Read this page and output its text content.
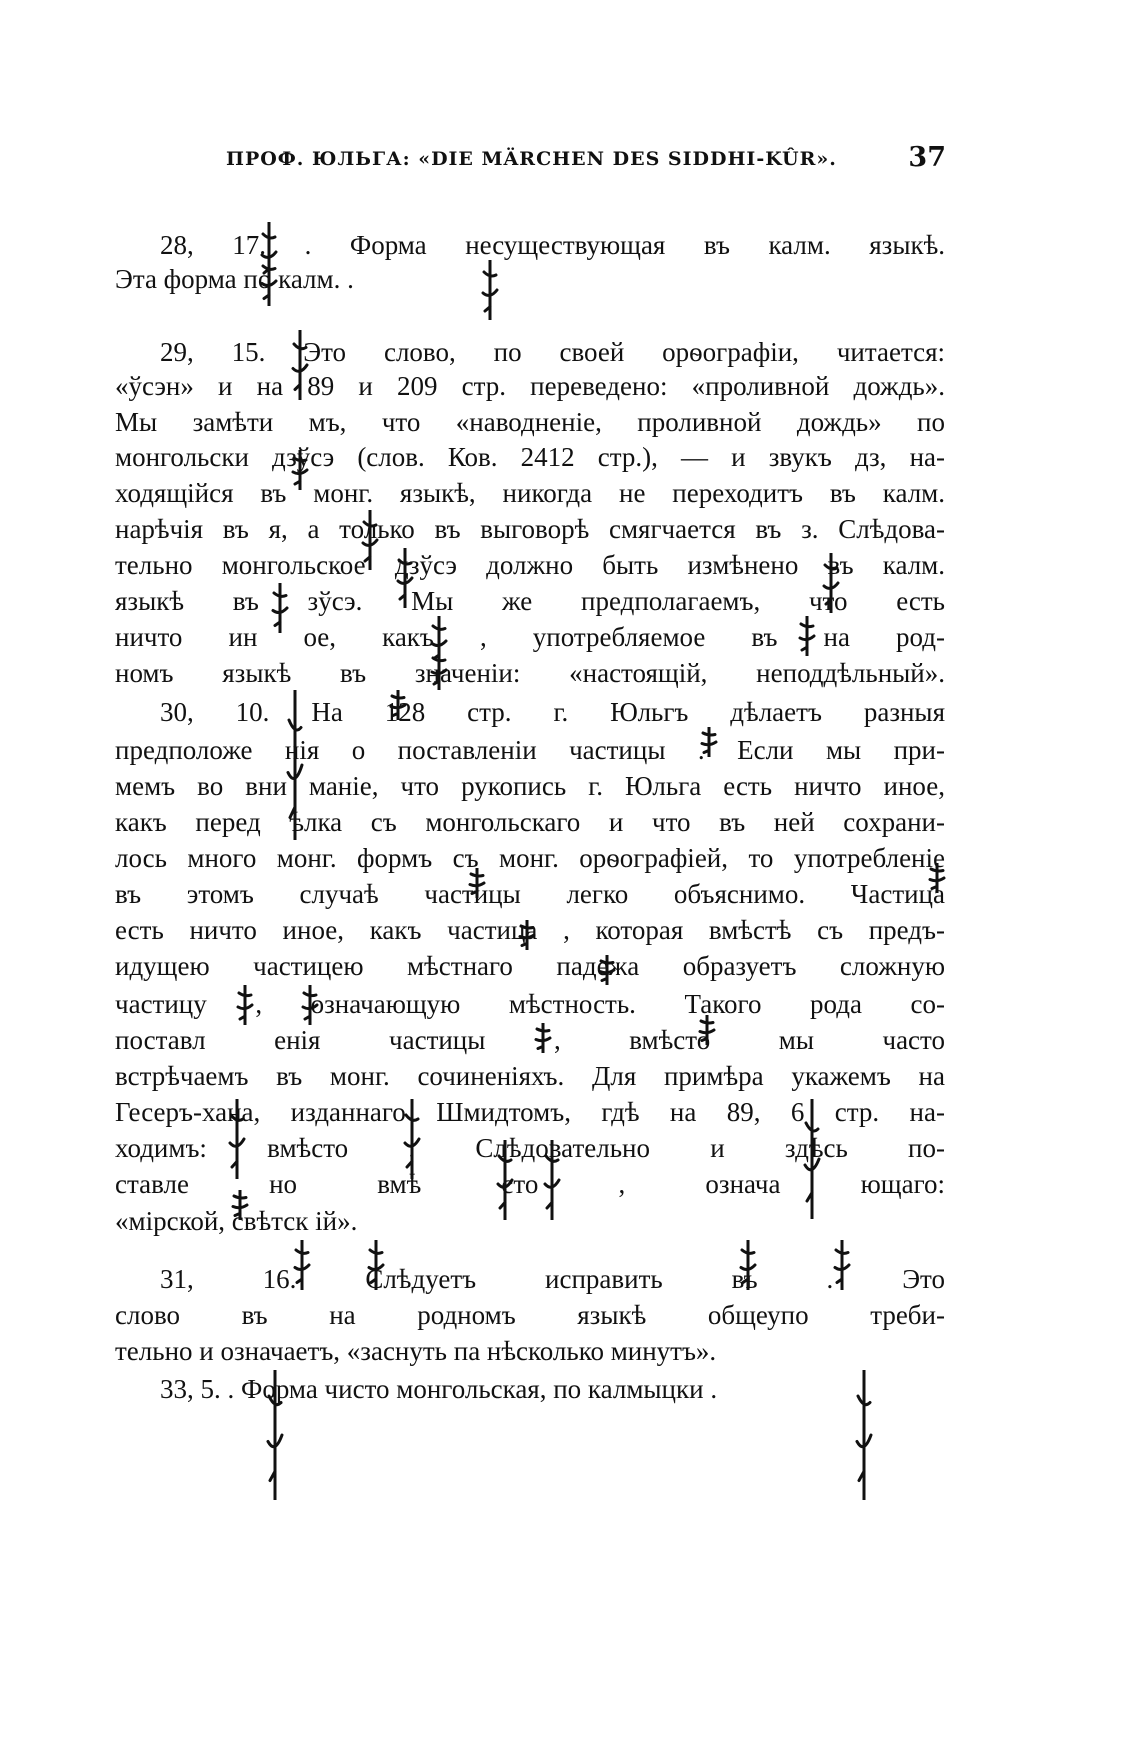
ПРОФ. ЮЛЬГА: «DIE MÄRCHEN DES SIDDHI-KÛR».	37
28, 17. . Форма несуществующая въ калм. языкѣ.
Эта форма по калм. .
29, 15. Это слово, по своей орѳографіи, читается:
«ўсэн» и на 89 и 209 стр. переведено: «проливной дождь».
Мы замѣти мъ, что «наводненіе, проливной дождь» по
монгольски дзўсэ (слов. Ков. 2412 стр.), — и звукъ дз, на-
ходящійся въ монг. языкѣ, никогда не переходитъ въ калм.
нарѣчія въ я, а только въ выговорѣ смягчается въ з. Слѣдова-
тельно монгольское дзўсэ должно быть измѣнено въ калм.
языкѣ въ зўсэ. Мы же предполагаемъ, что есть
ничто ин ое, какъ , употребляемое въ на род-
номъ языкѣ въ значеніи: «настоящій, неподдѣльный».
30, 10. На 128 стр. г. Юльгъ дѣлаетъ разныя
предположе нія о поставленіи частицы . Если мы при-
мемъ во вни маніе, что рукопись г. Юльга есть ничто иное,
какъ перед ѣлка съ монгольскаго и что въ ней сохрани-
лось много монг. формъ съ монг. орѳографіей, то употребленіе
въ этомъ случаѣ частицы легко объяснимо. Частица
есть ничто иное, какъ частица , которая вмѣстѣ съ предъ-
идущею частицею мѣстнаго падежа образуетъ сложную
частицу , означающую мѣстность. Такого рода со-
поставл енія частицы , вмѣсто мы часто
встрѣчаемъ въ монг. сочиненіяхъ. Для примѣра укажемъ на
Гесеръ-хана, изданнаго Шмидтомъ, гдѣ на 89, 6 стр. на-
ходимъ: вмѣсто . Слѣдовательно и здѣсь по-
ставле но вмѣ сто , означа ющаго:
«мірской, свѣтск ій».
31, 16. Слѣдуетъ исправить въ . Это
слово въ на родномъ языкѣ общеупо треби-
тельно и означаетъ, «заснуть па нѣсколько минутъ».
33, 5. . Форма чисто монгольская, по калмыцки .
